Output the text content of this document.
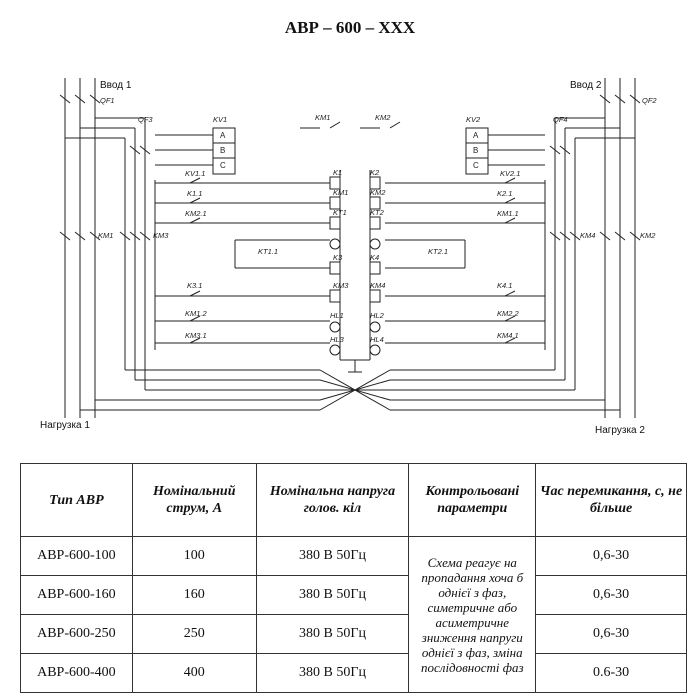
АВР – 600 – ХХХ
Ввод 1	Ввод 2
Нагрузка 1	Нагрузка 2
QF1	QF2
QF3	QF4
KV1	KV2
A
B
C
A
B
C
KM1	KM2
KV1.1	KV2.1
K1.1	K2.1
KM2.1	KM1.1
KT1.1	KT2.1
K3.1	K4.1
KM1.2	KM2.2
KM3.1	KM4.1
K1	K2
KM1	KM2
KT1	KT2
K3	K4
KM3	KM4
HL1	HL2
HL3	HL4
KM1	KM3	KM4	KM2
Тип АВР	Номінальний струм, А	Номінальна напруга голов. кіл	Контрольовані параметри	Час перемикання, с, не більше
АВР-600-100	100	380 В 50Гц	Схема реагує на пропадання хоча б однієї з фаз, симетричне або асиметричне зниження напруги однієї з фаз, зміна послідовності фаз	0,6-30
АВР-600-160	160	380 В 50Гц		0,6-30
АВР-600-250	250	380 В 50Гц		0,6-30
АВР-600-400	400	380 В 50Гц		0.6-30
